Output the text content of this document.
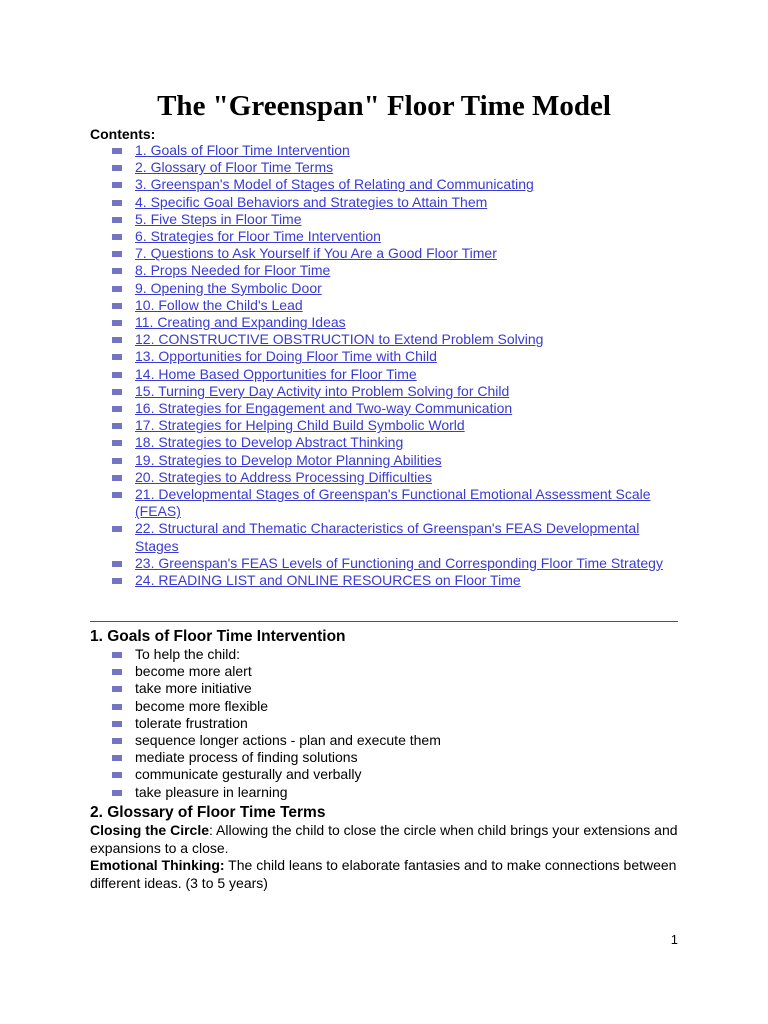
The "Greenspan" Floor Time Model
Contents:
1. Goals of Floor Time Intervention
2. Glossary of Floor Time Terms
3. Greenspan's Model of Stages of Relating and Communicating
4. Specific Goal Behaviors and Strategies to Attain Them
5. Five Steps in Floor Time
6. Strategies for Floor Time Intervention
7. Questions to Ask Yourself if You Are a Good Floor Timer
8. Props Needed for Floor Time
9. Opening the Symbolic Door
10. Follow the Child's Lead
11. Creating and Expanding Ideas
12. CONSTRUCTIVE OBSTRUCTION to Extend Problem Solving
13. Opportunities for Doing Floor Time with Child
14. Home Based Opportunities for Floor Time
15. Turning Every Day Activity into Problem Solving for Child
16. Strategies for Engagement and Two-way Communication
17. Strategies for Helping Child Build Symbolic World
18. Strategies to Develop Abstract Thinking
19. Strategies to Develop Motor Planning Abilities
20. Strategies to Address Processing Difficulties
21. Developmental Stages of Greenspan's Functional Emotional Assessment Scale (FEAS)
22. Structural and Thematic Characteristics of Greenspan's FEAS Developmental Stages
23. Greenspan's FEAS Levels of Functioning and Corresponding Floor Time Strategy
24. READING LIST and ONLINE RESOURCES on Floor Time
1. Goals of Floor Time Intervention
To help the child:
become more alert
take more initiative
become more flexible
tolerate frustration
sequence longer actions - plan and execute them
mediate process of finding solutions
communicate gesturally and verbally
take pleasure in learning
2. Glossary of Floor Time Terms

Closing the Circle: Allowing the child to close the circle when child brings your extensions and expansions to a close.

Emotional Thinking: The child leans to elaborate fantasies and to make connections between different ideas. (3 to 5 years)

1
